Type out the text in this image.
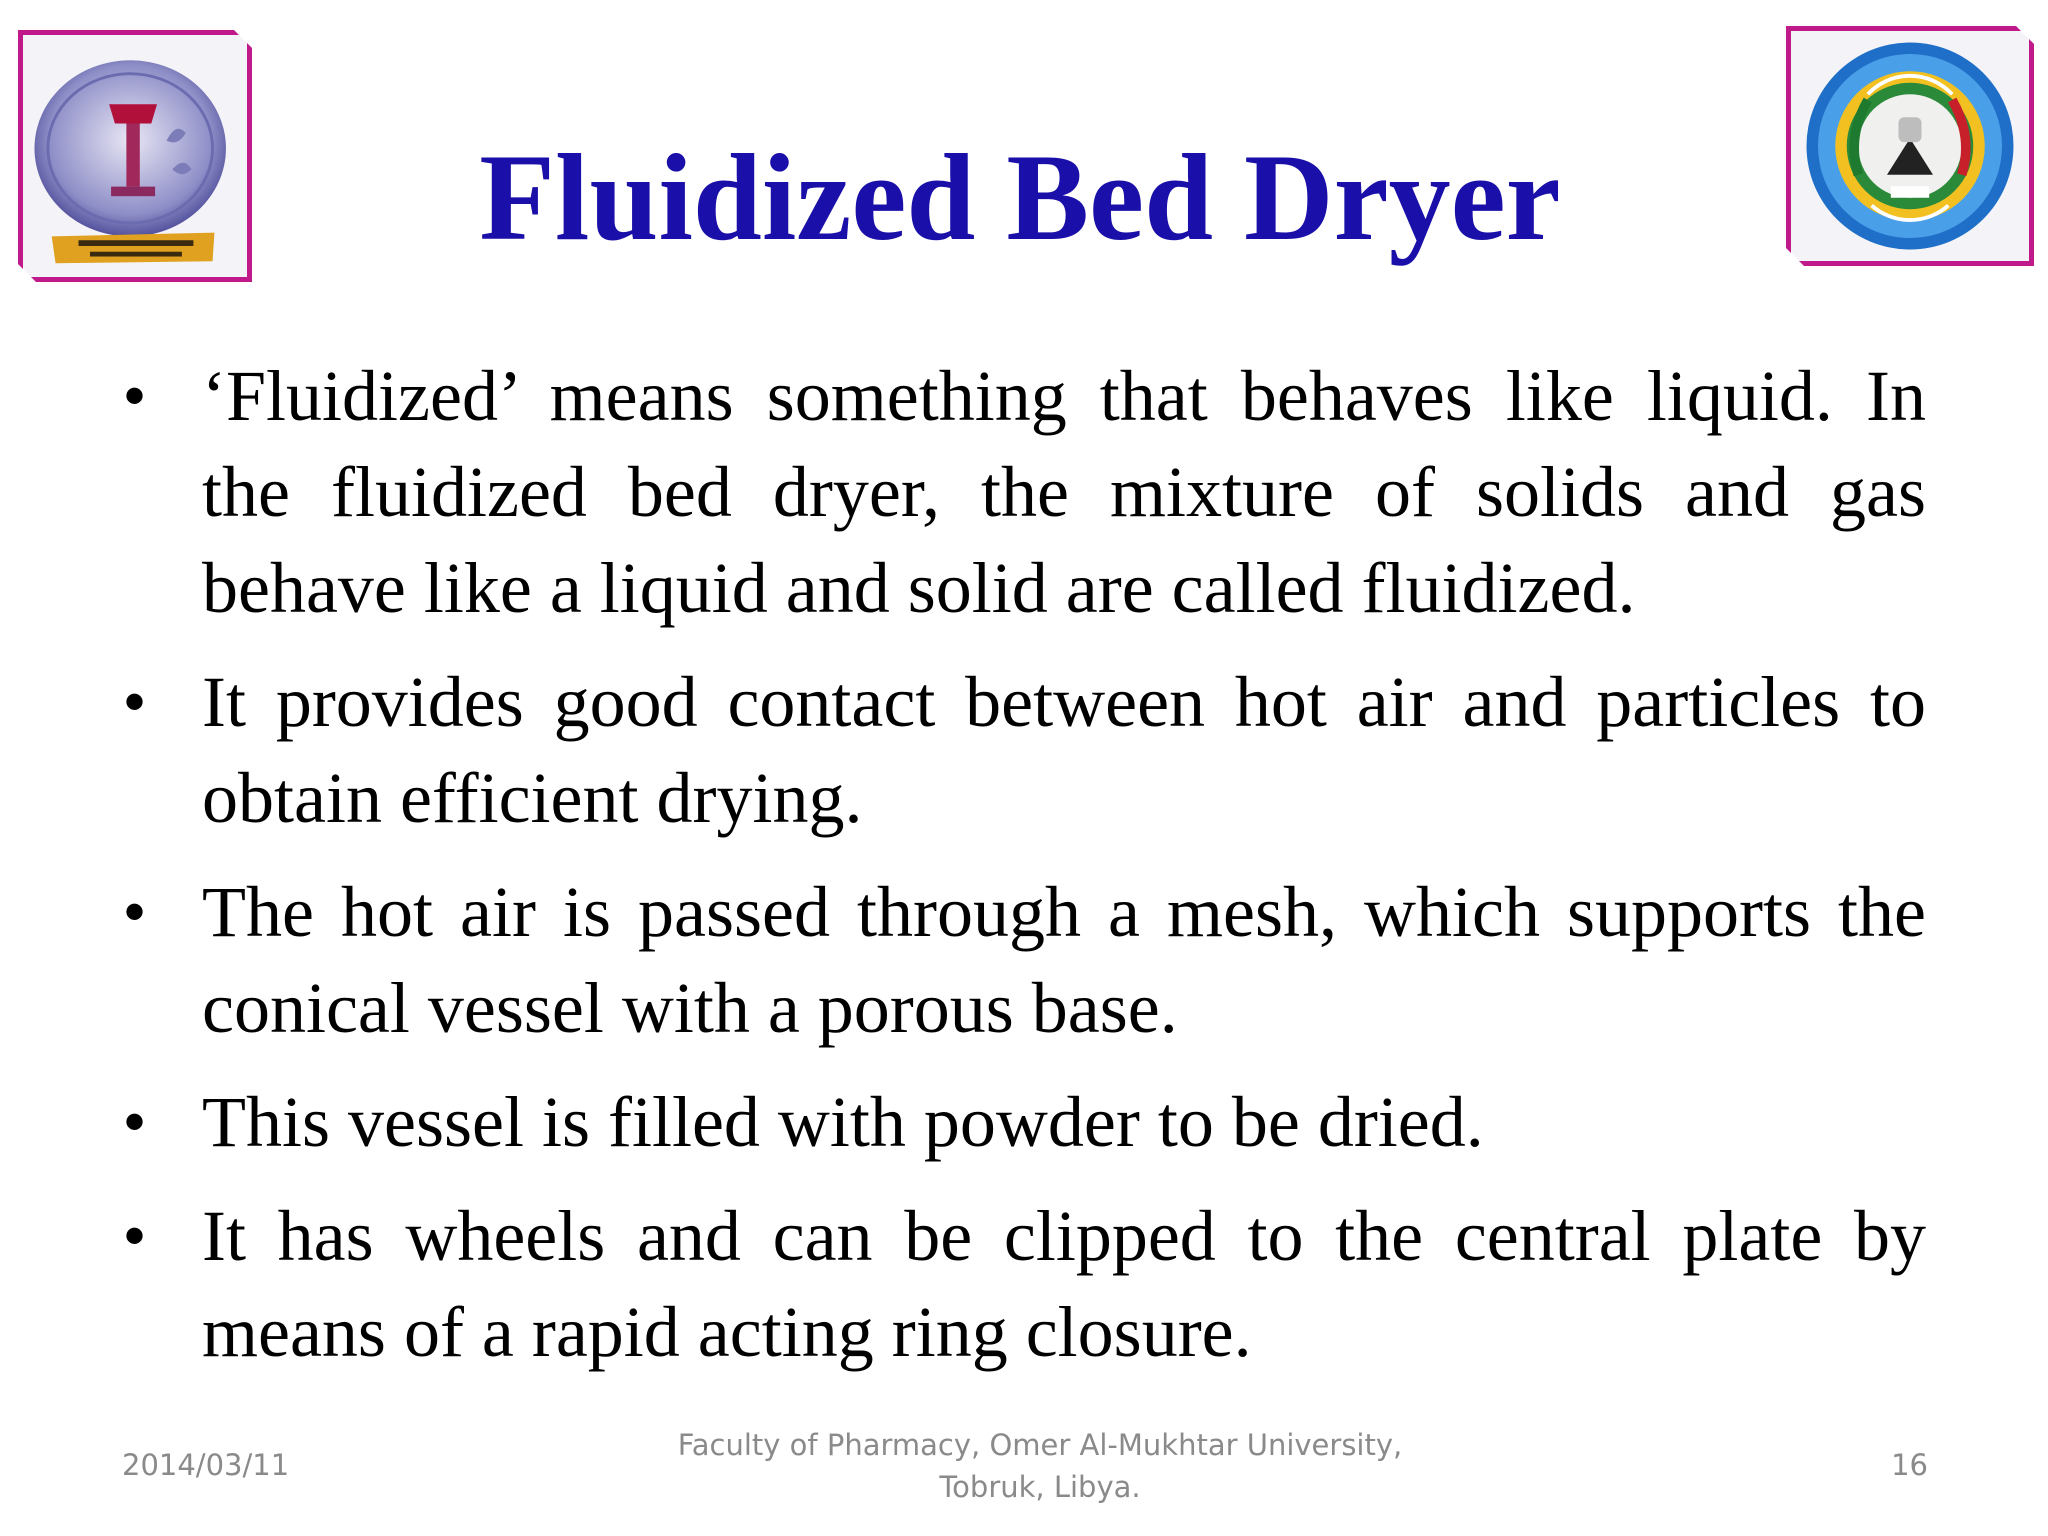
Fluidized Bed Dryer
• ‘Fluidized’ means something that behaves like liquid. In the fluidized bed dryer, the mixture of solids and gas behave like a liquid and solid are called fluidized.
• It provides good contact between hot air and particles to obtain efficient drying.
• The hot air is passed through a mesh, which supports the conical vessel with a porous base.
• This vessel is filled with powder to be dried.
• It has wheels and can be clipped to the central plate by means of a rapid acting ring closure.
2014/03/11
Faculty of Pharmacy, Omer Al-Mukhtar University,
Tobruk, Libya.
16
